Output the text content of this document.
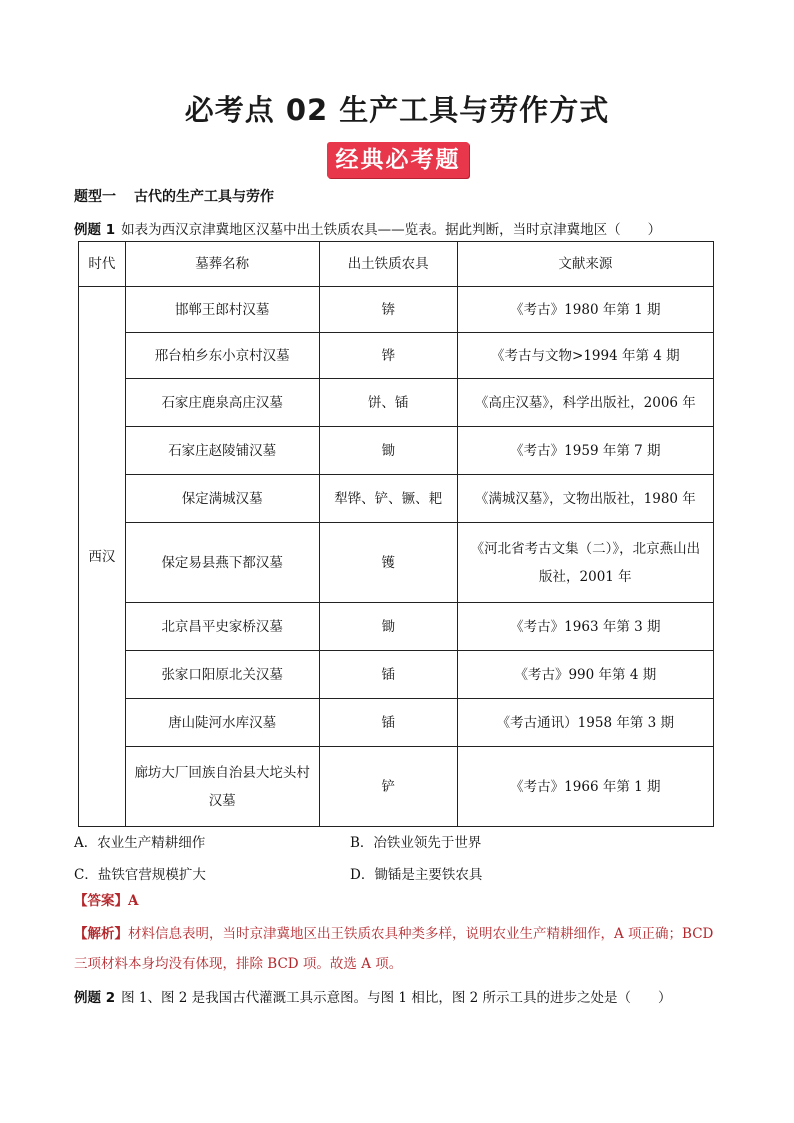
必考点 02 生产工具与劳作方式
经典必考题
题型一 古代的生产工具与劳作
例题 1 如表为西汉京津冀地区汉墓中出土铁质农具——览表。据此判断，当时京津冀地区（　　）
时代	墓葬名称	出土铁质农具	文献来源
西汉	邯郸王郎村汉墓	锛	《考古》1980 年第 1 期
	邢台柏乡东小京村汉墓	铧	《考古与文物>1994 年第 4 期
	石家庄鹿泉高庄汉墓	饼、锸	《高庄汉墓》，科学出版社，2006 年
	石家庄赵陵铺汉墓	锄	《考古》1959 年第 7 期
	保定满城汉墓	犁铧、铲、镢、耙	《满城汉墓》，文物出版社，1980 年
	保定易县燕下都汉墓	镬	《河北省考古文集（二）》，北京燕山出版社，2001 年
	北京昌平史家桥汉墓	锄	《考古》1963 年第 3 期
	张家口阳原北关汉墓	锸	《考古》990 年第 4 期
	唐山陡河水库汉墓	锸	《考古通讯）1958 年第 3 期
	廊坊大厂回族自治县大坨头村汉墓	铲	《考古》1966 年第 1 期
A．农业生产精耕细作	B．冶铁业领先于世界
C．盐铁官营规模扩大	D．锄锸是主要铁农具
【答案】A
【解析】材料信息表明，当时京津冀地区出王铁质农具种类多样，说明农业生产精耕细作，A 项正确；BCD 三项材料本身均没有体现，排除 BCD 项。故选 A 项。
例题 2 图 1、图 2 是我国古代灌溉工具示意图。与图 1 相比，图 2 所示工具的进步之处是（　　）
